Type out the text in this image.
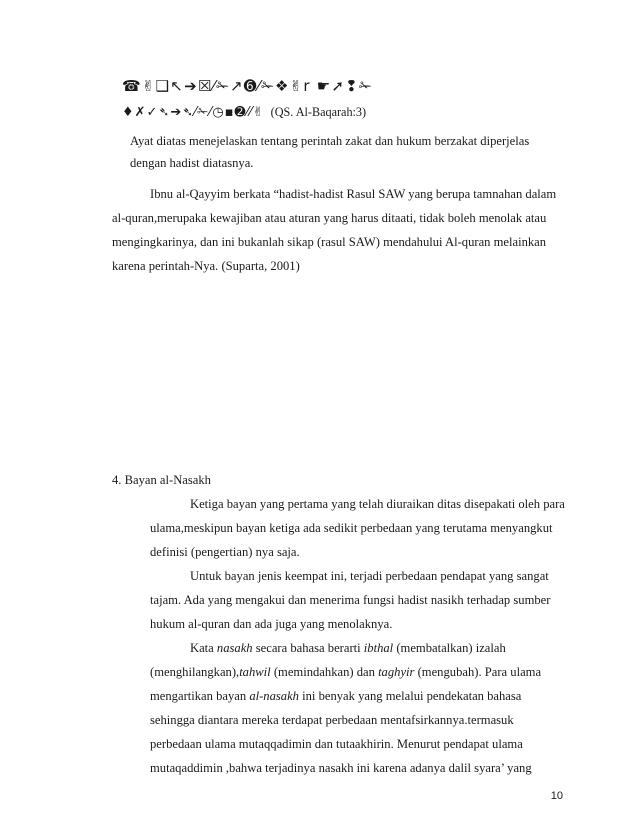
☎✌❑↖➔☒⁄✁↗➏⁄✁❖✌r ☛➚❢✁
♦✗✓➴➔➴⁄✁⁄◷▪➋⁄⁄✌ (QS. Al-Baqarah:3)
Ayat diatas menejelaskan tentang perintah zakat dan hukum berzakat diperjelas
dengan hadist diatasnya.
Ibnu al-Qayyim berkata “hadist-hadist Rasul SAW yang berupa tamnahan dalam
al-quran,merupaka kewajiban atau aturan yang harus ditaati, tidak boleh menolak atau
mengingkarinya, dan ini bukanlah sikap (rasul SAW) mendahului Al-quran melainkan
karena perintah-Nya. (Suparta, 2001)
4. Bayan al-Nasakh
Ketiga bayan yang pertama yang telah diuraikan ditas disepakati oleh para
ulama,meskipun bayan ketiga ada sedikit perbedaan yang terutama menyangkut
definisi (pengertian) nya saja.
Untuk bayan jenis keempat ini, terjadi perbedaan pendapat yang sangat
tajam. Ada yang mengakui dan menerima fungsi hadist nasikh terhadap sumber
hukum al-quran dan ada juga yang menolaknya.
Kata nasakh secara bahasa berarti ibthal (membatalkan) izalah
(menghilangkan),tahwil (memindahkan) dan taghyir (mengubah). Para ulama
mengartikan bayan al-nasakh ini benyak yang melalui pendekatan bahasa
sehingga diantara mereka terdapat perbedaan mentafsirkannya.termasuk
perbedaan ulama mutaqqadimin dan tutaakhirin. Menurut pendapat ulama
mutaqaddimin ,bahwa terjadinya nasakh ini karena adanya dalil syara’ yang
10
